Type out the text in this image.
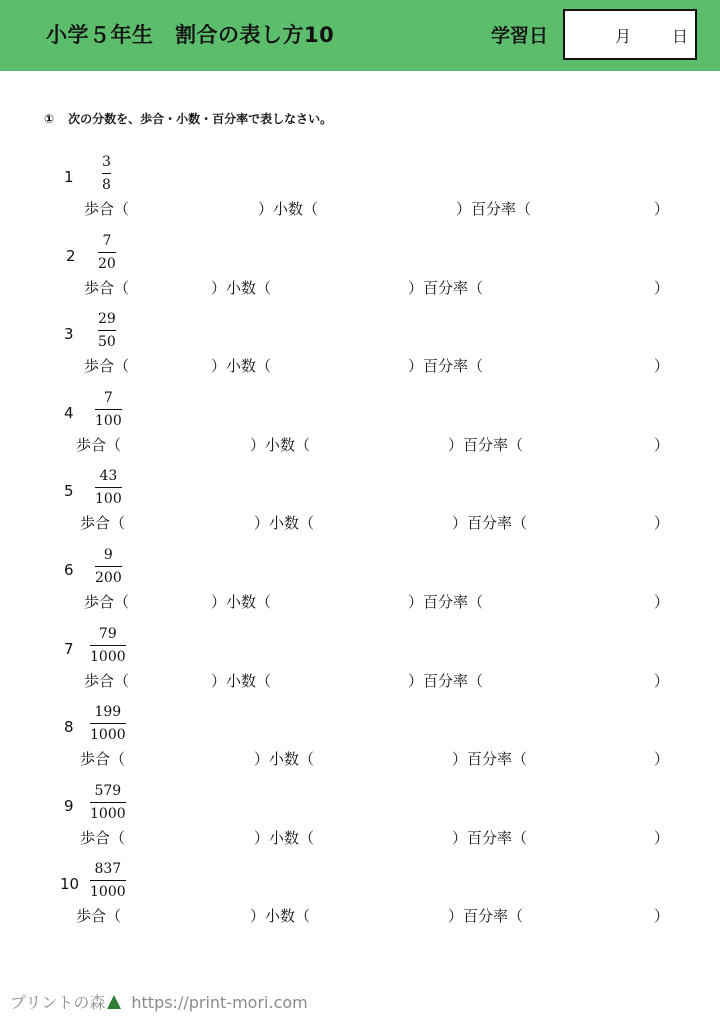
小学５年生　割合の表し方10	学習日	月	日
① 次の分数を、歩合・小数・百分率で表しなさい。
1
3
8
歩合（	）小数（	）百分率（	）
2
7
20
歩合（	）小数（	）百分率（	）
3
29
50
歩合（	）小数（	）百分率（	）
4
7
100
歩合（	）小数（	）百分率（	）
5
43
100
歩合（	）小数（	）百分率（	）
6
9
200
歩合（	）小数（	）百分率（	）
7
79
1000
歩合（	）小数（	）百分率（	）
8
199
1000
歩合（	）小数（	）百分率（	）
9
579
1000
歩合（	）小数（	）百分率（	）
10
837
1000
歩合（	）小数（	）百分率（	）
プリントの森 https://print-mori.com
